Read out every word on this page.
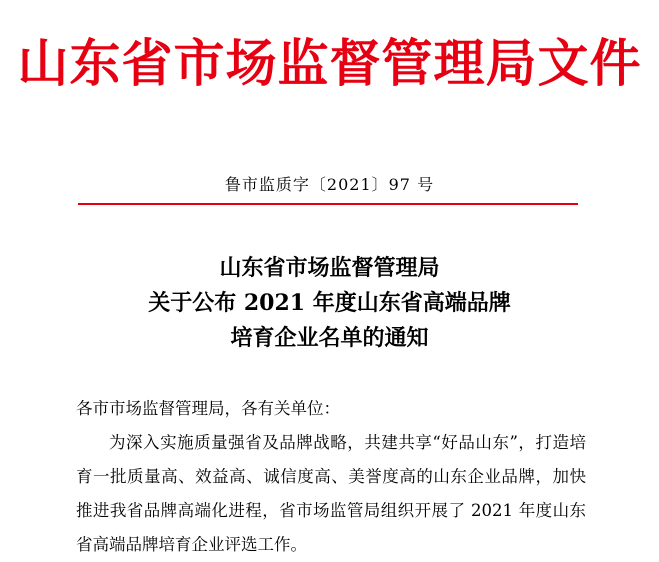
山东省市场监督管理局文件
鲁市监质字〔2021〕97 号
山东省市场监督管理局
关于公布 2021 年度山东省高端品牌
培育企业名单的通知

各市市场监督管理局，各有关单位：

为深入实施质量强省及品牌战略，共建共享“好品山东”，打造培育一批质量高、效益高、诚信度高、美誉度高的山东企业品牌，加快推进我省品牌高端化进程，省市场监管局组织开展了 2021 年度山东省高端品牌培育企业评选工作。
